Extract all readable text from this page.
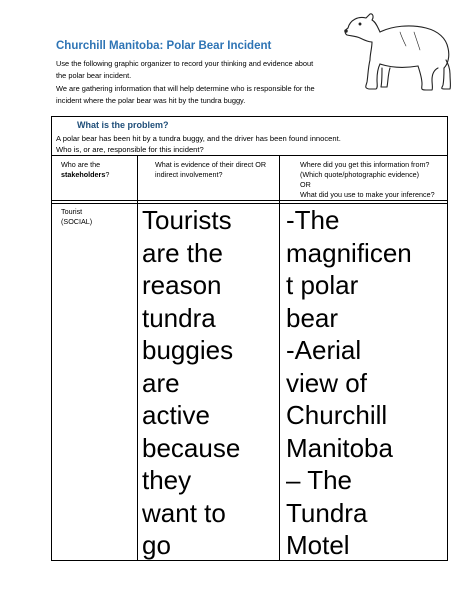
Churchill Manitoba: Polar Bear Incident

Use the following graphic organizer to record your thinking and evidence about

the polar bear incident.

We are gathering information that will help determine who is responsible for the

incident where the polar bear was hit by the tundra buggy.

What is the problem?
A polar bear has been hit by a tundra buggy, and the driver has been found innocent.
Who is, or are, responsible for this incident?
Who are the
stakeholders?
What is evidence of their direct OR
indirect involvement?
Where did you get this information from?
(Which quote/photographic evidence)
OR
What did you use to make your inference?
Tourist
(SOCIAL) Tourists
are the
reason
tundra
buggies
are
active
because
they
want to
go
-The
magnificen
t polar
bear
-Aerial
view of
Churchill
Manitoba
– The
Tundra
Motel
